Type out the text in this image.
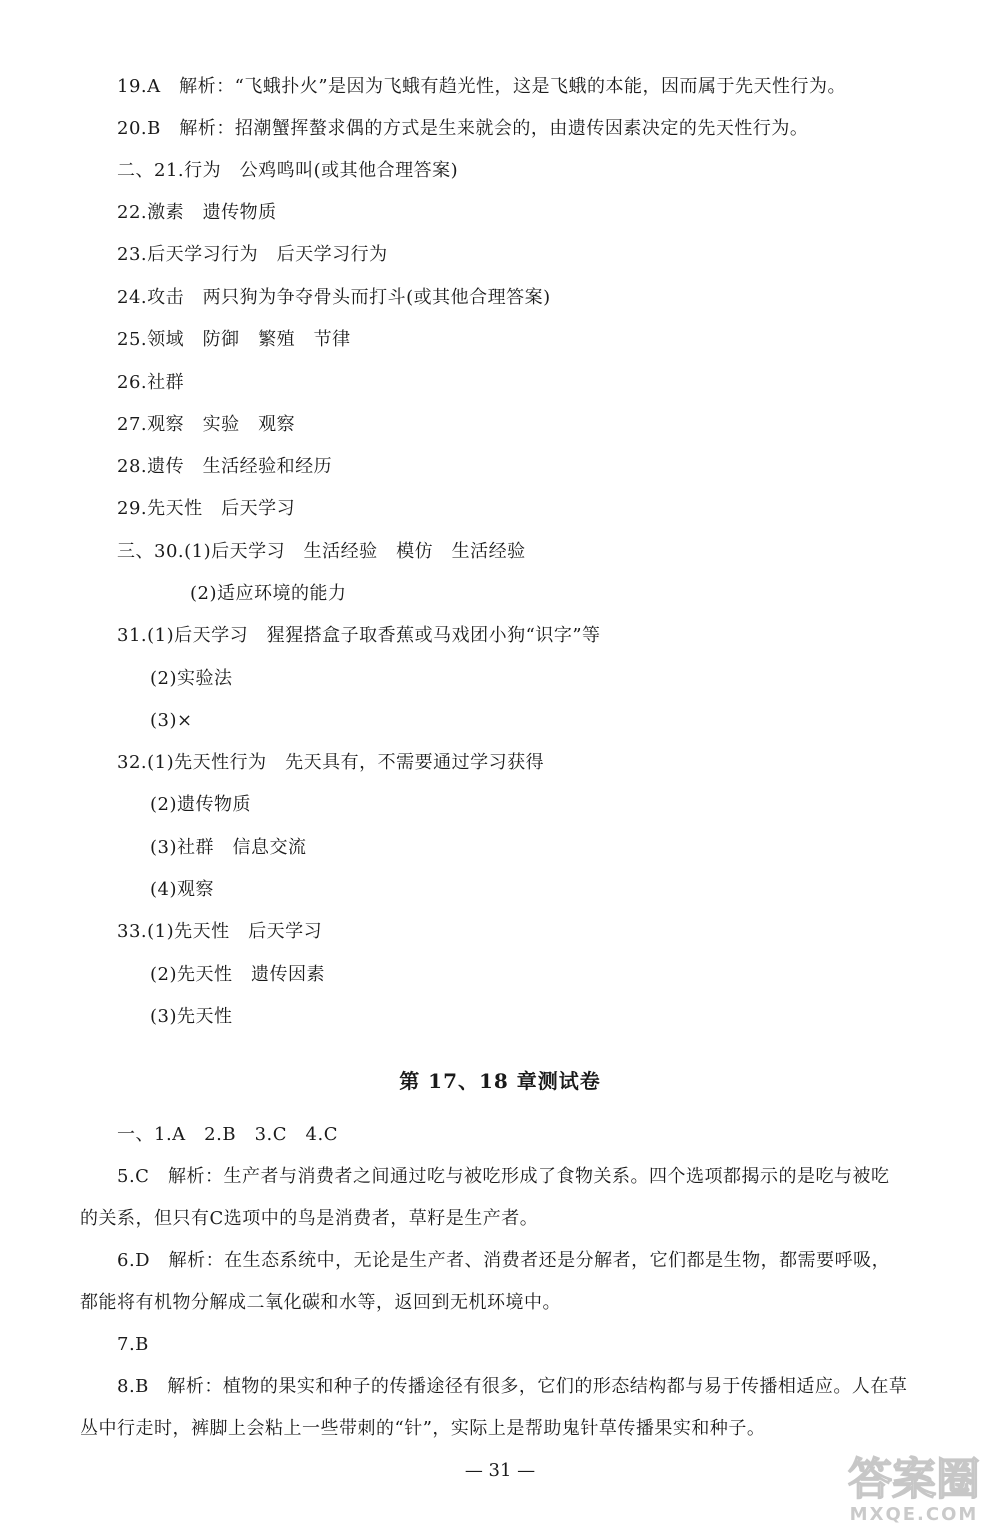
19.A　解析：“飞蛾扑火”是因为飞蛾有趋光性，这是飞蛾的本能，因而属于先天性行为。
20.B　解析：招潮蟹挥螯求偶的方式是生来就会的，由遗传因素决定的先天性行为。
二、21.行为　公鸡鸣叫(或其他合理答案)
22.激素　遗传物质
23.后天学习行为　后天学习行为
24.攻击　两只狗为争夺骨头而打斗(或其他合理答案)
25.领域　防御　繁殖　节律
26.社群
27.观察　实验　观察
28.遗传　生活经验和经历
29.先天性　后天学习
三、30.(1)后天学习　生活经验　模仿　生活经验
(2)适应环境的能力
31.(1)后天学习　猩猩搭盒子取香蕉或马戏团小狗“识字”等
(2)实验法
(3)×
32.(1)先天性行为　先天具有，不需要通过学习获得
(2)遗传物质
(3)社群　信息交流
(4)观察
33.(1)先天性　后天学习
(2)先天性　遗传因素
(3)先天性
第 17、18 章测试卷
一、1.A　2.B　3.C　4.C
5.C　解析：生产者与消费者之间通过吃与被吃形成了食物关系。四个选项都揭示的是吃与被吃
的关系，但只有C选项中的鸟是消费者，草籽是生产者。
6.D　解析：在生态系统中，无论是生产者、消费者还是分解者，它们都是生物，都需要呼吸，
都能将有机物分解成二氧化碳和水等，返回到无机环境中。
7.B
8.B　解析：植物的果实和种子的传播途径有很多，它们的形态结构都与易于传播相适应。人在草
丛中行走时，裤脚上会粘上一些带刺的“针”，实际上是帮助鬼针草传播果实和种子。
— 31 —	答案圈
MXQE.COM
